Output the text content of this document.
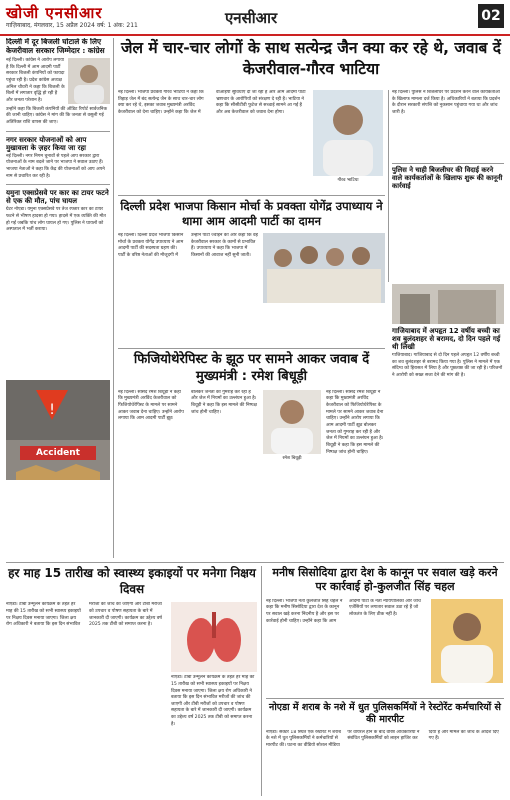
खोजी एनसीआर
गाज़ियाबाद, मंगलवार, 15 अप्रैल 2024 वर्ष: 1 अंक: 211	एनसीआर	02
दिल्ली में दूर बिजली घोटाले के लिए केजरीवाल सरकार जिम्मेदार : कांग्रेस
नई दिल्ली। कांग्रेस ने आरोप लगाया है कि दिल्ली में आम आदमी पार्टी सरकार बिजली कंपनियों को फायदा पहुंचा रही है। प्रदेश कांग्रेस अध्यक्ष अनिल चौधरी ने कहा कि बिजली के बिलों में लगातार वृद्धि हो रही है और जनता परेशान है।
उन्होंने कहा कि बिजली कंपनियों की ऑडिट रिपोर्ट सार्वजनिक की जानी चाहिए। कांग्रेस ने मांग की कि जनता से वसूली गई अतिरिक्त राशि वापस की जाए।
नगर सरकार योजनाओं को आप मुखावला के ज़हर किया जा रहा
नई दिल्ली। नगर निगम चुनावों से पहले आप सरकार द्वारा योजनाओं के नाम बदले जाने पर भाजपा ने सवाल उठाए हैं। भाजपा नेताओं ने कहा कि केंद्र की योजनाओं को आप अपने नाम से प्रचारित कर रही है।
यमुना एक्सप्रेसवे पर कार का टायर फटने से एक की मौत, पांच घायल
ग्रेटर नोएडा। यमुना एक्सप्रेसवे पर तेज रफ्तार कार का टायर फटने से भीषण हादसा हो गया। हादसे में एक व्यक्ति की मौत हो गई जबकि पांच लोग घायल हो गए। पुलिस ने घायलों को अस्पताल में भर्ती कराया।
!
Accident
जेल में चार-चार लोगों के साथ सत्येन्द्र जैन क्या कर रहे थे, जवाब दें केजरीवाल-गौरव भाटिया
नई दिल्ली। भाजपा प्रवक्ता गौरव भाटिया ने कहा कि तिहाड़ जेल में बंद सत्येन्द्र जैन के साथ चार-चार लोग क्या कर रहे थे, इसका जवाब मुख्यमंत्री अरविंद केजरीवाल को देना चाहिए। उन्होंने कहा कि जेल में वीआईपी सुविधाएं दी जा रही हैं और आम आदमी पार्टी भ्रष्टाचार के आरोपियों को संरक्षण दे रही है। भाटिया ने कहा कि सीसीटीवी फुटेज से सच्चाई सामने आ गई है और अब केजरीवाल को जवाब देना होगा।
गौरव भाटिया
नई दिल्ली। पुलिस ने बिजलीघर पर प्रदर्शन करने वाले कार्यकर्ताओं के खिलाफ मामला दर्ज किया है। अधिकारियों ने बताया कि प्रदर्शन के दौरान सरकारी संपत्ति को नुकसान पहुंचाया गया था और जांच जारी है।
पुलिस ने चाही बिजलीघर की विदाई करने वाले कार्यकर्ताओं के खिलाफ शुरू की कानूनी कार्रवाई
दिल्ली प्रदेश भाजपा किसान मोर्चा के प्रवक्ता योगेंद्र उपाध्याय ने थामा आम आदमी पार्टी का दामन
नई दिल्ली। दिल्ली प्रदेश भाजपा किसान मोर्चा के प्रवक्ता योगेंद्र उपाध्याय ने आम आदमी पार्टी की सदस्यता ग्रहण की। पार्टी के वरिष्ठ नेताओं की मौजूदगी में उन्होंने पार्टी ज्वाइन की और कहा कि वह केजरीवाल सरकार के कामों से प्रभावित हैं। उपाध्याय ने कहा कि भाजपा में किसानों की आवाज नहीं सुनी जाती।
गाजियाबाद में अपहृत 12 वर्षीय बच्ची का शव बुलंदशहर से बरामद, दो दिन पहले गई थी लिखी
गाजियाबाद। गाजियाबाद से दो दिन पहले अपहृत 12 वर्षीय बच्ची का शव बुलंदशहर से बरामद किया गया है। पुलिस ने मामले में एक संदिग्ध को हिरासत में लिया है और पूछताछ की जा रही है। परिजनों ने आरोपी को सख्त सजा देने की मांग की है।
फिजियोथेरेपिस्ट के झूठ पर सामने आकर जवाब दें मुख्यमंत्री : रमेश बिधूड़ी
नई दिल्ली। सांसद रमेश बिधूड़ी ने कहा कि मुख्यमंत्री अरविंद केजरीवाल को फिजियोथेरेपिस्ट के मामले पर सामने आकर जवाब देना चाहिए। उन्होंने आरोप लगाया कि आम आदमी पार्टी झूठ बोलकर जनता को गुमराह कर रही है और जेल में नियमों का उल्लंघन हुआ है। बिधूड़ी ने कहा कि इस मामले की निष्पक्ष जांच होनी चाहिए।
रमेश बिधूड़ी
नई दिल्ली। सांसद रमेश बिधूड़ी ने कहा कि मुख्यमंत्री अरविंद केजरीवाल को फिजियोथेरेपिस्ट के मामले पर सामने आकर जवाब देना चाहिए। उन्होंने आरोप लगाया कि आम आदमी पार्टी झूठ बोलकर जनता को गुमराह कर रही है और जेल में नियमों का उल्लंघन हुआ है। बिधूड़ी ने कहा कि इस मामले की निष्पक्ष जांच होनी चाहिए।
हर माह 15 तारीख को स्वास्थ्य इकाइयों पर मनेगा निक्षय दिवस
नोएडा। टीबी उन्मूलन कार्यक्रम के तहत हर माह की 15 तारीख को सभी स्वास्थ्य इकाइयों पर निक्षय दिवस मनाया जाएगा। जिला क्षय रोग अधिकारी ने बताया कि इस दिन संभावित मरीजों की जांच की जाएगी और टीबी मरीजों को उपचार व पोषण सहायता के बारे में जानकारी दी जाएगी। कार्यक्रम का उद्देश्य वर्ष 2025 तक टीबी को समाप्त करना है।
नोएडा। टीबी उन्मूलन कार्यक्रम के तहत हर माह की 15 तारीख को सभी स्वास्थ्य इकाइयों पर निक्षय दिवस मनाया जाएगा। जिला क्षय रोग अधिकारी ने बताया कि इस दिन संभावित मरीजों की जांच की जाएगी और टीबी मरीजों को उपचार व पोषण सहायता के बारे में जानकारी दी जाएगी। कार्यक्रम का उद्देश्य वर्ष 2025 तक टीबी को समाप्त करना है।
मनीष सिसोदिया द्वारा देश के कानून पर सवाल खड़े करने पर कार्रवाई हो-कुलजीत सिंह चहल
नई दिल्ली। भाजपा नेता कुलजीत सिंह चहल ने कहा कि मनीष सिसोदिया द्वारा देश के कानून पर सवाल खड़े करना निंदनीय है और इस पर कार्रवाई होनी चाहिए। उन्होंने कहा कि आम आदमी पार्टी के नेता न्यायपालिका और जांच एजेंसियों पर लगातार सवाल उठा रहे हैं जो लोकतंत्र के लिए ठीक नहीं है।
नोएडा में शराब के नशे में धुत पुलिसकर्मियों ने रेस्टोरेंट कर्मचारियों से की मारपीट
नोएडा। सेक्टर 18 स्थित एक रेस्टोरेंट में शराब के नशे में धुत पुलिसकर्मियों ने कर्मचारियों से मारपीट की। घटना का वीडियो सोशल मीडिया पर वायरल होने के बाद वरिष्ठ अधिकारियों ने संबंधित पुलिसकर्मियों को लाइन हाजिर कर दिया है और मामले की जांच के आदेश दिए गए हैं।
